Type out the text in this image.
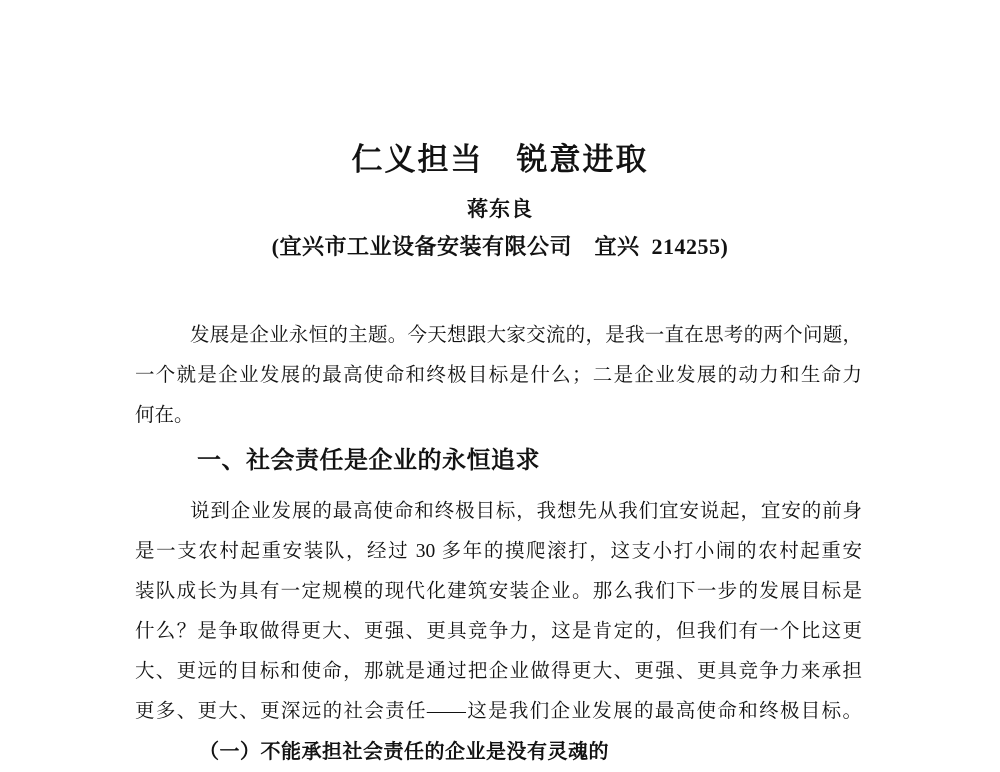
仁义担当　锐意进取
蒋东良
(宜兴市工业设备安装有限公司　宜兴  214255)
发展是企业永恒的主题。今天想跟大家交流的，是我一直在思考的两个问题，
一个就是企业发展的最高使命和终极目标是什么；二是企业发展的动力和生命力
何在。
一、社会责任是企业的永恒追求
说到企业发展的最高使命和终极目标，我想先从我们宜安说起，宜安的前身
是一支农村起重安装队，经过 30 多年的摸爬滚打，这支小打小闹的农村起重安
装队成长为具有一定规模的现代化建筑安装企业。那么我们下一步的发展目标是
什么？是争取做得更大、更强、更具竞争力，这是肯定的，但我们有一个比这更
大、更远的目标和使命，那就是通过把企业做得更大、更强、更具竞争力来承担
更多、更大、更深远的社会责任——这是我们企业发展的最高使命和终极目标。
（一）不能承担社会责任的企业是没有灵魂的
